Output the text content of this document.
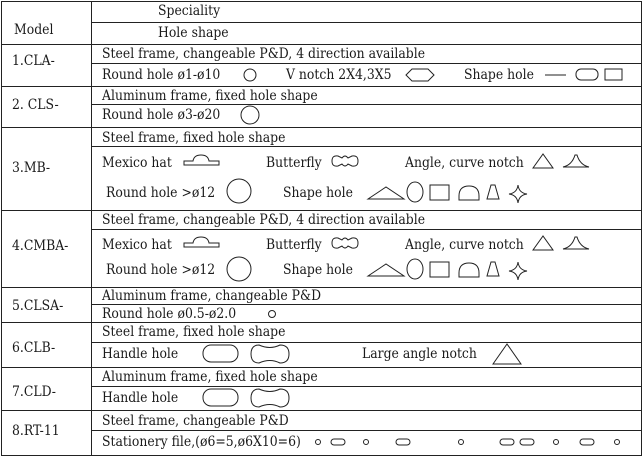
Model
Speciality
Hole shape
1.CLA-	Steel frame, changeable P&D, 4 direction available
Round hole ø1-ø10	V notch 2X4,3X5	Shape hole
2. CLS-
Aluminum frame, fixed hole shape
Round hole ø3-ø20
3.MB-
Steel frame, fixed hole shape
Mexico hat	Butterfly	Angle, curve notch
Round hole >ø12	Shape hole
4.CMBA-
Steel frame, changeable P&D, 4 direction available
Mexico hat	Butterfly	Angle, curve notch
Round hole >ø12	Shape hole
5.CLSA-
Aluminum frame, changeable P&D
Round hole ø0.5-ø2.0
6.CLB-
Steel frame, fixed hole shape
Handle hole	Large angle notch
7.CLD-
Aluminum frame, fixed hole shape
Handle hole
8.RT-11
Steel frame, changeable P&D
Stationery file,(ø6=5,ø6X10=6)
